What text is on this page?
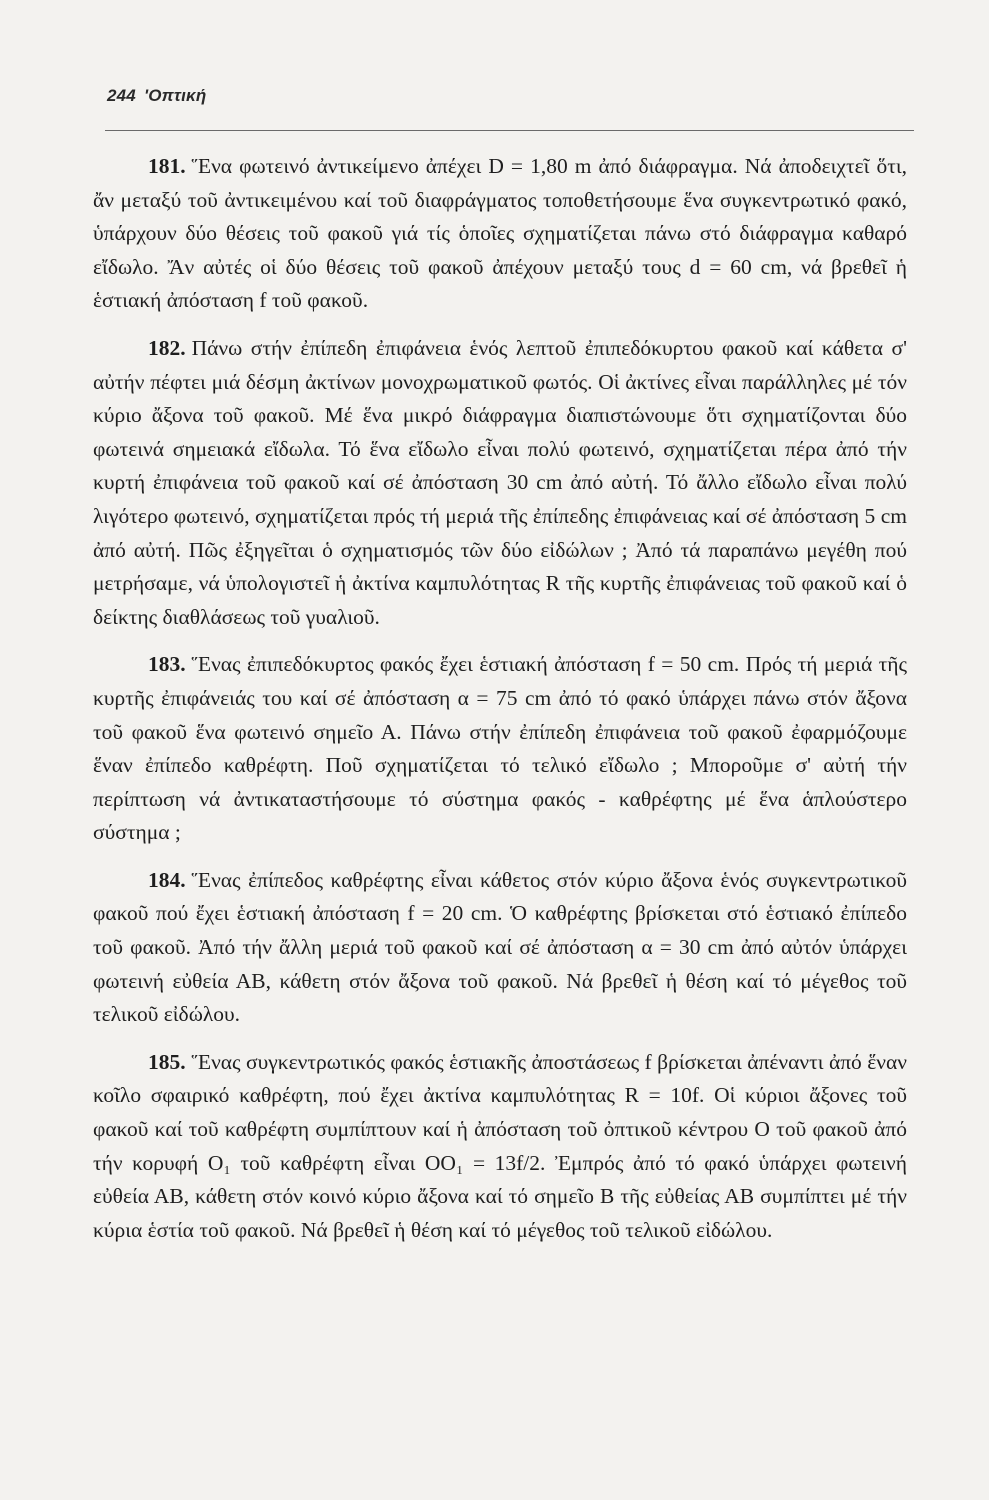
244 'Οπτική

181. Ἕνα φωτεινό ἀντικείμενο ἀπέχει D = 1,80 m ἀπό διάφραγμα. Νά ἀποδειχτεῖ ὅτι, ἄν μεταξύ τοῦ ἀντικειμένου καί τοῦ διαφράγματος τοποθετήσουμε ἕνα συγκεντρωτικό φακό, ὑπάρχουν δύο θέσεις τοῦ φακοῦ γιά τίς ὁποῖες σχηματίζεται πάνω στό διάφραγμα καθαρό εἴδωλο. Ἄν αὐτές οἱ δύο θέσεις τοῦ φακοῦ ἀπέχουν μεταξύ τους d = 60 cm, νά βρεθεῖ ἡ ἑστιακή ἀπόσταση f τοῦ φακοῦ.

182. Πάνω στήν ἐπίπεδη ἐπιφάνεια ἑνός λεπτοῦ ἐπιπεδόκυρτου φακοῦ καί κάθετα σ' αὐτήν πέφτει μιά δέσμη ἀκτίνων μονοχρωματικοῦ φωτός. Οἱ ἀκτίνες εἶναι παράλληλες μέ τόν κύριο ἄξονα τοῦ φακοῦ. Μέ ἕνα μικρό διάφραγμα διαπιστώνουμε ὅτι σχηματίζονται δύο φωτεινά σημειακά εἴδωλα. Τό ἕνα εἴδωλο εἶναι πολύ φωτεινό, σχηματίζεται πέρα ἀπό τήν κυρτή ἐπιφάνεια τοῦ φακοῦ καί σέ ἀπόσταση 30 cm ἀπό αὐτή. Τό ἄλλο εἴδωλο εἶναι πολύ λιγότερο φωτεινό, σχηματίζεται πρός τή μεριά τῆς ἐπίπεδης ἐπιφάνειας καί σέ ἀπόσταση 5 cm ἀπό αὐτή. Πῶς ἐξηγεῖται ὁ σχηματισμός τῶν δύο εἰδώλων ; Ἀπό τά παραπάνω μεγέθη πού μετρήσαμε, νά ὑπολογιστεῖ ἡ ἀκτίνα καμπυλότητας R τῆς κυρτῆς ἐπιφάνειας τοῦ φακοῦ καί ὁ δείκτης διαθλάσεως τοῦ γυαλιοῦ.

183. Ἕνας ἐπιπεδόκυρτος φακός ἔχει ἑστιακή ἀπόσταση f = 50 cm. Πρός τή μεριά τῆς κυρτῆς ἐπιφάνειάς του καί σέ ἀπόσταση α = 75 cm ἀπό τό φακό ὑπάρχει πάνω στόν ἄξονα τοῦ φακοῦ ἕνα φωτεινό σημεῖο Α. Πάνω στήν ἐπίπεδη ἐπιφάνεια τοῦ φακοῦ ἐφαρμόζουμε ἕναν ἐπίπεδο καθρέφτη. Ποῦ σχηματίζεται τό τελικό εἴδωλο ; Μποροῦμε σ' αὐτή τήν περίπτωση νά ἀντικαταστήσουμε τό σύστημα φακός - καθρέφτης μέ ἕνα ἁπλούστερο σύστημα ;

184. Ἕνας ἐπίπεδος καθρέφτης εἶναι κάθετος στόν κύριο ἄξονα ἑνός συγκεντρωτικοῦ φακοῦ πού ἔχει ἑστιακή ἀπόσταση f = 20 cm. Ὁ καθρέφτης βρίσκεται στό ἑστιακό ἐπίπεδο τοῦ φακοῦ. Ἀπό τήν ἄλλη μεριά τοῦ φακοῦ καί σέ ἀπόσταση α = 30 cm ἀπό αὐτόν ὑπάρχει φωτεινή εὐθεία ΑΒ, κάθετη στόν ἄξονα τοῦ φακοῦ. Νά βρεθεῖ ἡ θέση καί τό μέγεθος τοῦ τελικοῦ εἰδώλου.

185. Ἕνας συγκεντρωτικός φακός ἑστιακῆς ἀποστάσεως f βρίσκεται ἀπέναντι ἀπό ἕναν κοῖλο σφαιρικό καθρέφτη, πού ἔχει ἀκτίνα καμπυλότητας R = 10f. Οἱ κύριοι ἄξονες τοῦ φακοῦ καί τοῦ καθρέφτη συμπίπτουν καί ἡ ἀπόσταση τοῦ ὀπτικοῦ κέντρου Ο τοῦ φακοῦ ἀπό τήν κορυφή Ο₁ τοῦ καθρέφτη εἶναι ΟΟ₁ = 13f/2. Ἐμπρός ἀπό τό φακό ὑπάρχει φωτεινή εὐθεία ΑΒ, κάθετη στόν κοινό κύριο ἄξονα καί τό σημεῖο Β τῆς εὐθείας ΑΒ συμπίπτει μέ τήν κύρια ἑστία τοῦ φακοῦ. Νά βρεθεῖ ἡ θέση καί τό μέγεθος τοῦ τελικοῦ εἰδώλου.
